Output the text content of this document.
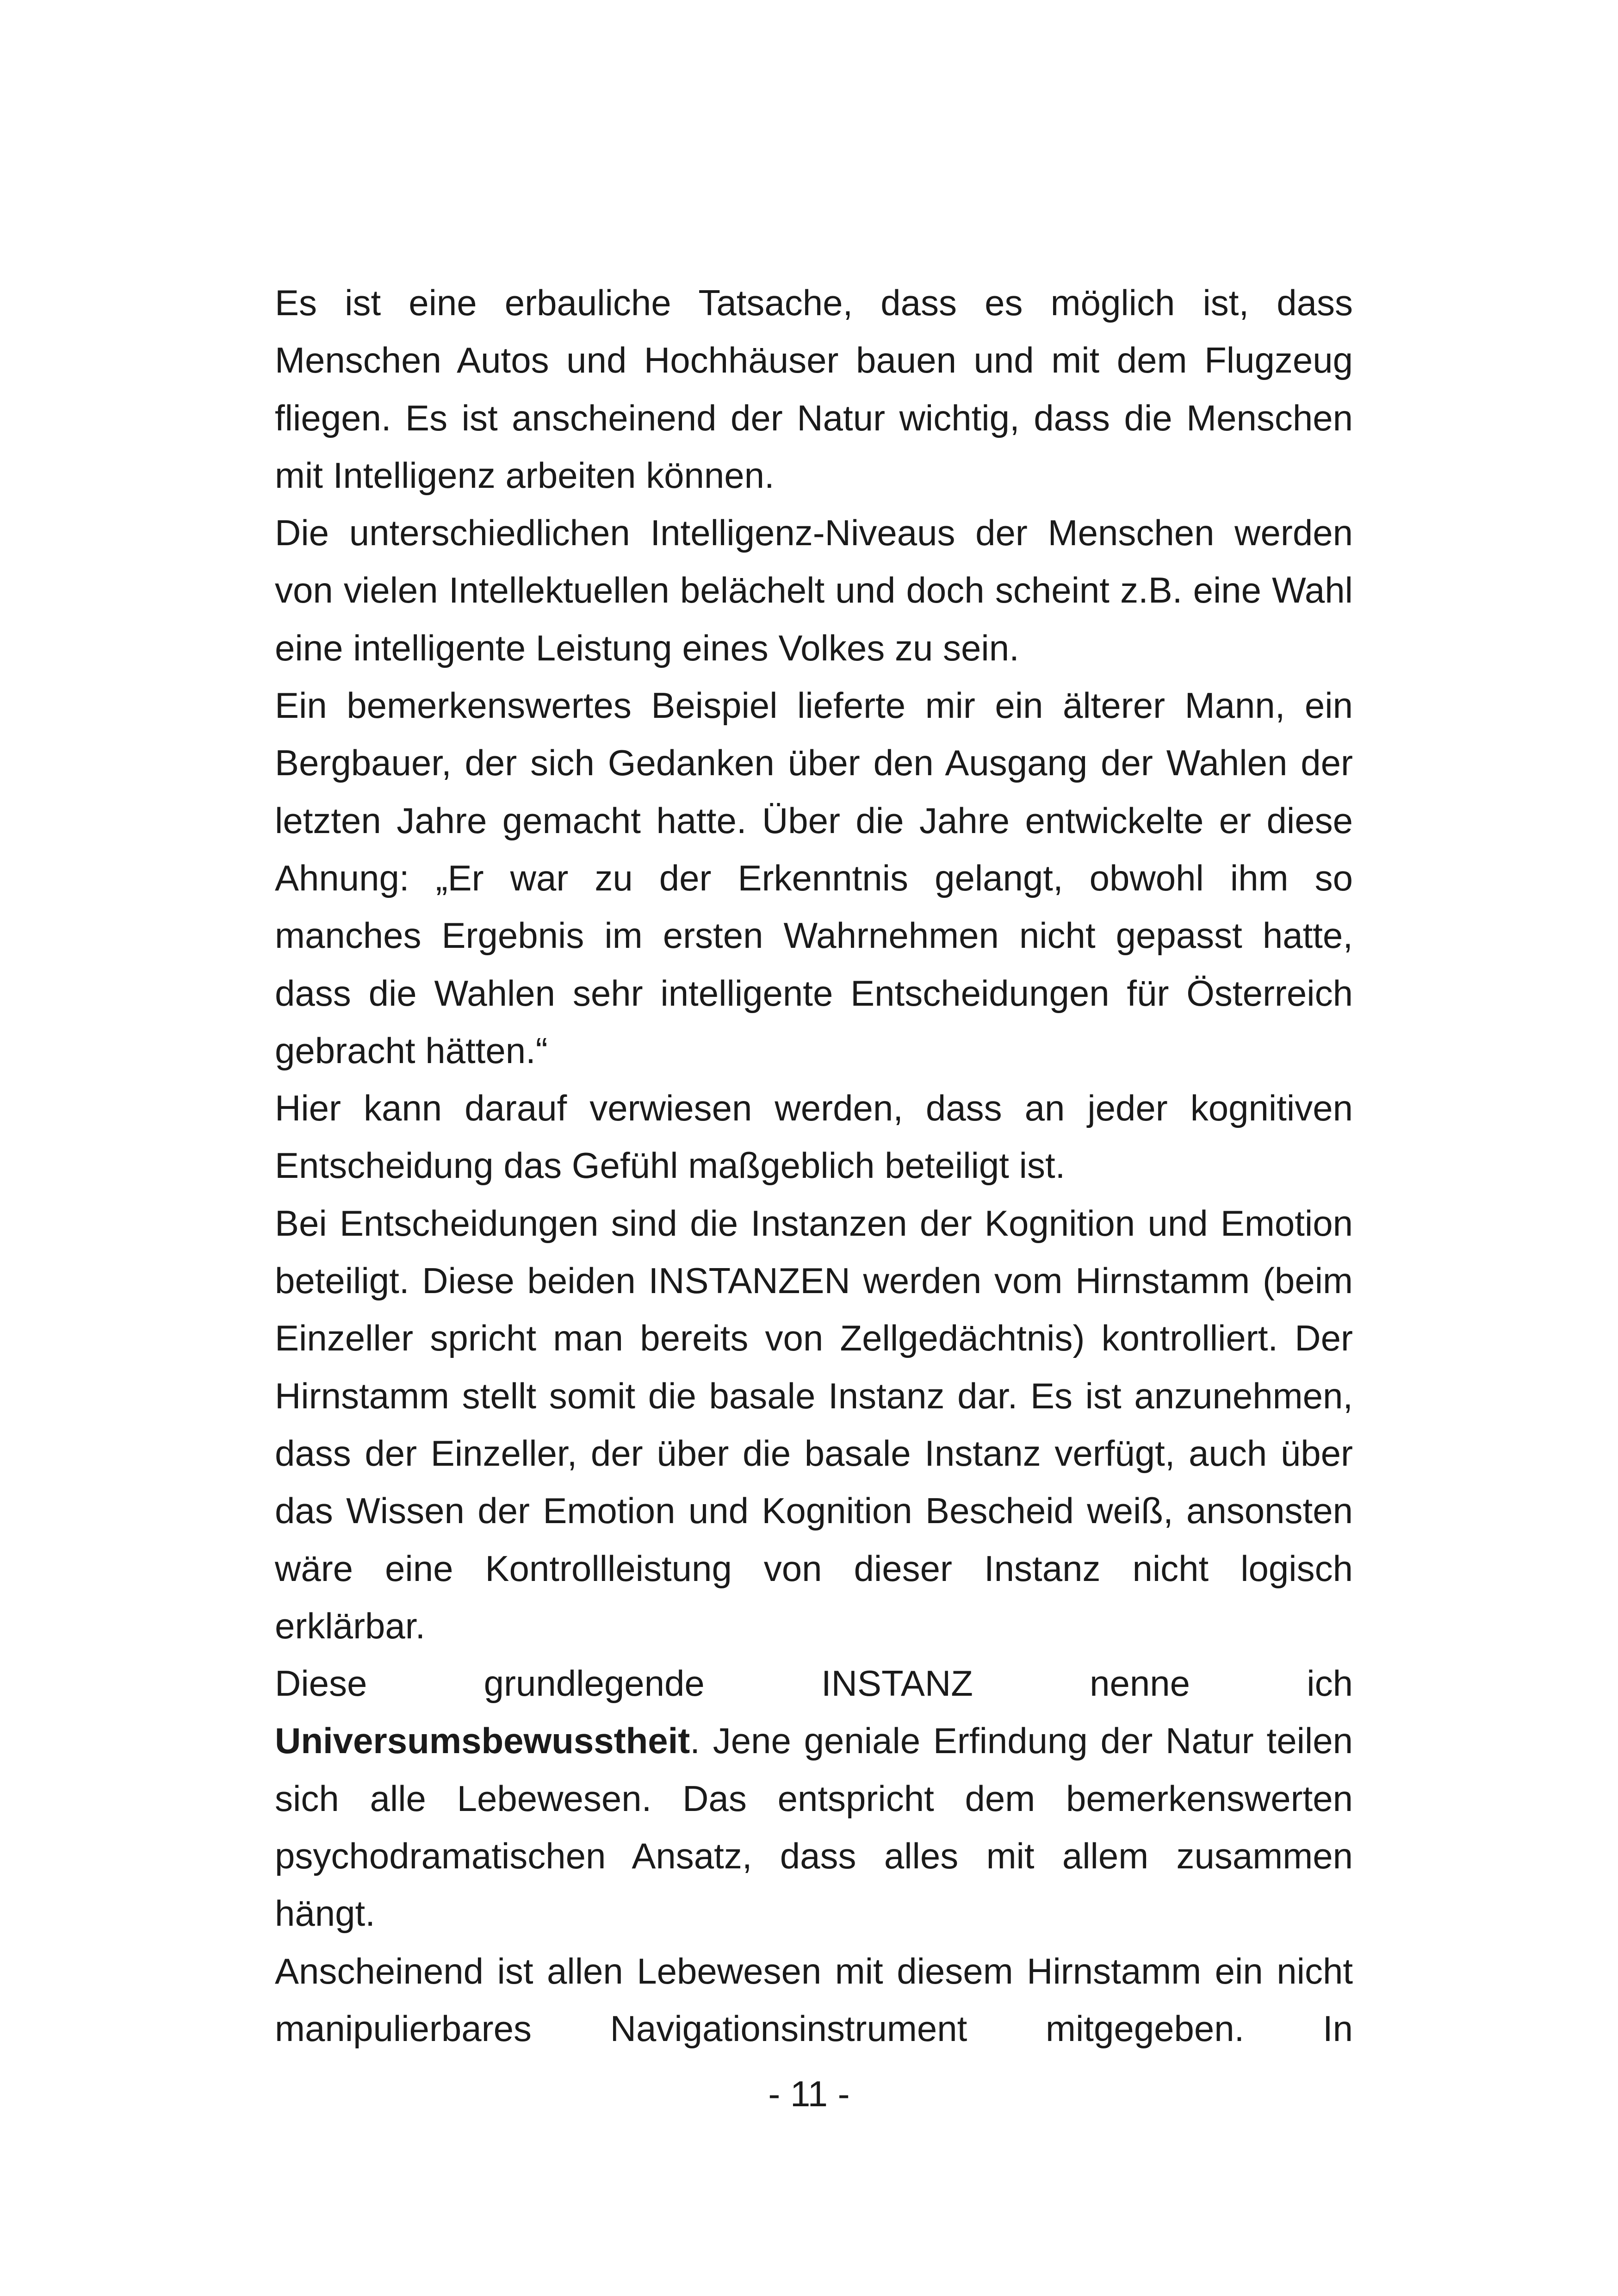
Es ist eine erbauliche Tatsache, dass es möglich ist, dass Menschen Autos und Hochhäuser bauen und mit dem Flugzeug fliegen. Es ist anscheinend der Natur wichtig, dass die Menschen mit Intelligenz arbeiten können.

Die unterschiedlichen Intelligenz-Niveaus der Menschen werden von vielen Intellektuellen belächelt und doch scheint z.B. eine Wahl eine intelligente Leistung eines Volkes zu sein.

Ein bemerkenswertes Beispiel lieferte mir ein älterer Mann, ein Bergbauer, der sich Gedanken über den Ausgang der Wahlen der letzten Jahre gemacht hatte. Über die Jahre entwickelte er diese Ahnung: „Er war zu der Erkenntnis gelangt, obwohl ihm so manches Ergebnis im ersten Wahrnehmen nicht gepasst hatte, dass die Wahlen sehr intelligente Entscheidungen für Österreich gebracht hätten.“

Hier kann darauf verwiesen werden, dass an jeder kognitiven Entscheidung das Gefühl maßgeblich beteiligt ist.

Bei Entscheidungen sind die Instanzen der Kognition und Emotion beteiligt. Diese beiden INSTANZEN werden vom Hirnstamm (beim Einzeller spricht man bereits von Zellgedächtnis) kontrolliert. Der Hirnstamm stellt somit die basale Instanz dar. Es ist anzunehmen, dass der Einzeller, der über die basale Instanz verfügt, auch über das Wissen der Emotion und Kognition Bescheid weiß, ansonsten wäre eine Kontrollleistung von dieser Instanz nicht logisch erklärbar.

Diese grundlegende INSTANZ nenne ich Universumsbewusstheit. Jene geniale Erfindung der Natur teilen sich alle Lebewesen. Das entspricht dem bemerkenswerten psychodramatischen Ansatz, dass alles mit allem zusammen hängt.

Anscheinend ist allen Lebewesen mit diesem Hirnstamm ein nicht manipulierbares Navigationsinstrument mitgegeben. In

- 11 -
